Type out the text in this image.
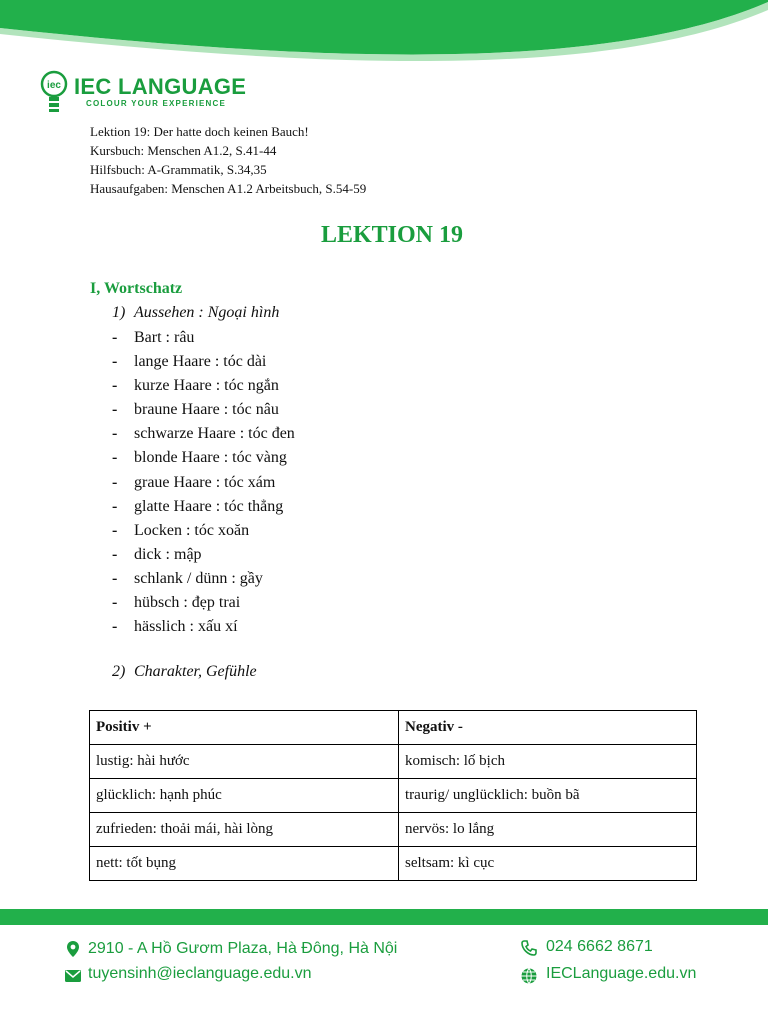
iec IEC LANGUAGE
COLOUR YOUR EXPERIENCE
Lektion 19: Der hatte doch keinen Bauch!
Kursbuch: Menschen A1.2, S.41-44
Hilfsbuch: A-Grammatik, S.34,35
Hausaufgaben: Menschen A1.2 Arbeitsbuch, S.54-59
LEKTION 19
I, Wortschatz
1) Aussehen : Ngoại hình
- Bart : râu
- lange Haare : tóc dài
- kurze Haare : tóc ngắn
- braune Haare : tóc nâu
- schwarze Haare : tóc đen
- blonde Haare : tóc vàng
- graue Haare : tóc xám
- glatte Haare : tóc thẳng
- Locken : tóc xoăn
- dick : mập
- schlank / dünn : gầy
- hübsch : đẹp trai
- hässlich : xấu xí
2) Charakter, Gefühle
Positiv +	Negativ -
lustig: hài hước	komisch: lố bịch
glücklich: hạnh phúc	traurig/ unglücklich: buồn bã
zufrieden: thoải mái, hài lòng	nervös: lo lắng
nett: tốt bụng	seltsam: kì cục
2910 - A Hồ Gươm Plaza, Hà Đông, Hà Nội
tuyensinh@ieclanguage.edu.vn
024 6662 8671
IECLanguage.edu.vn
